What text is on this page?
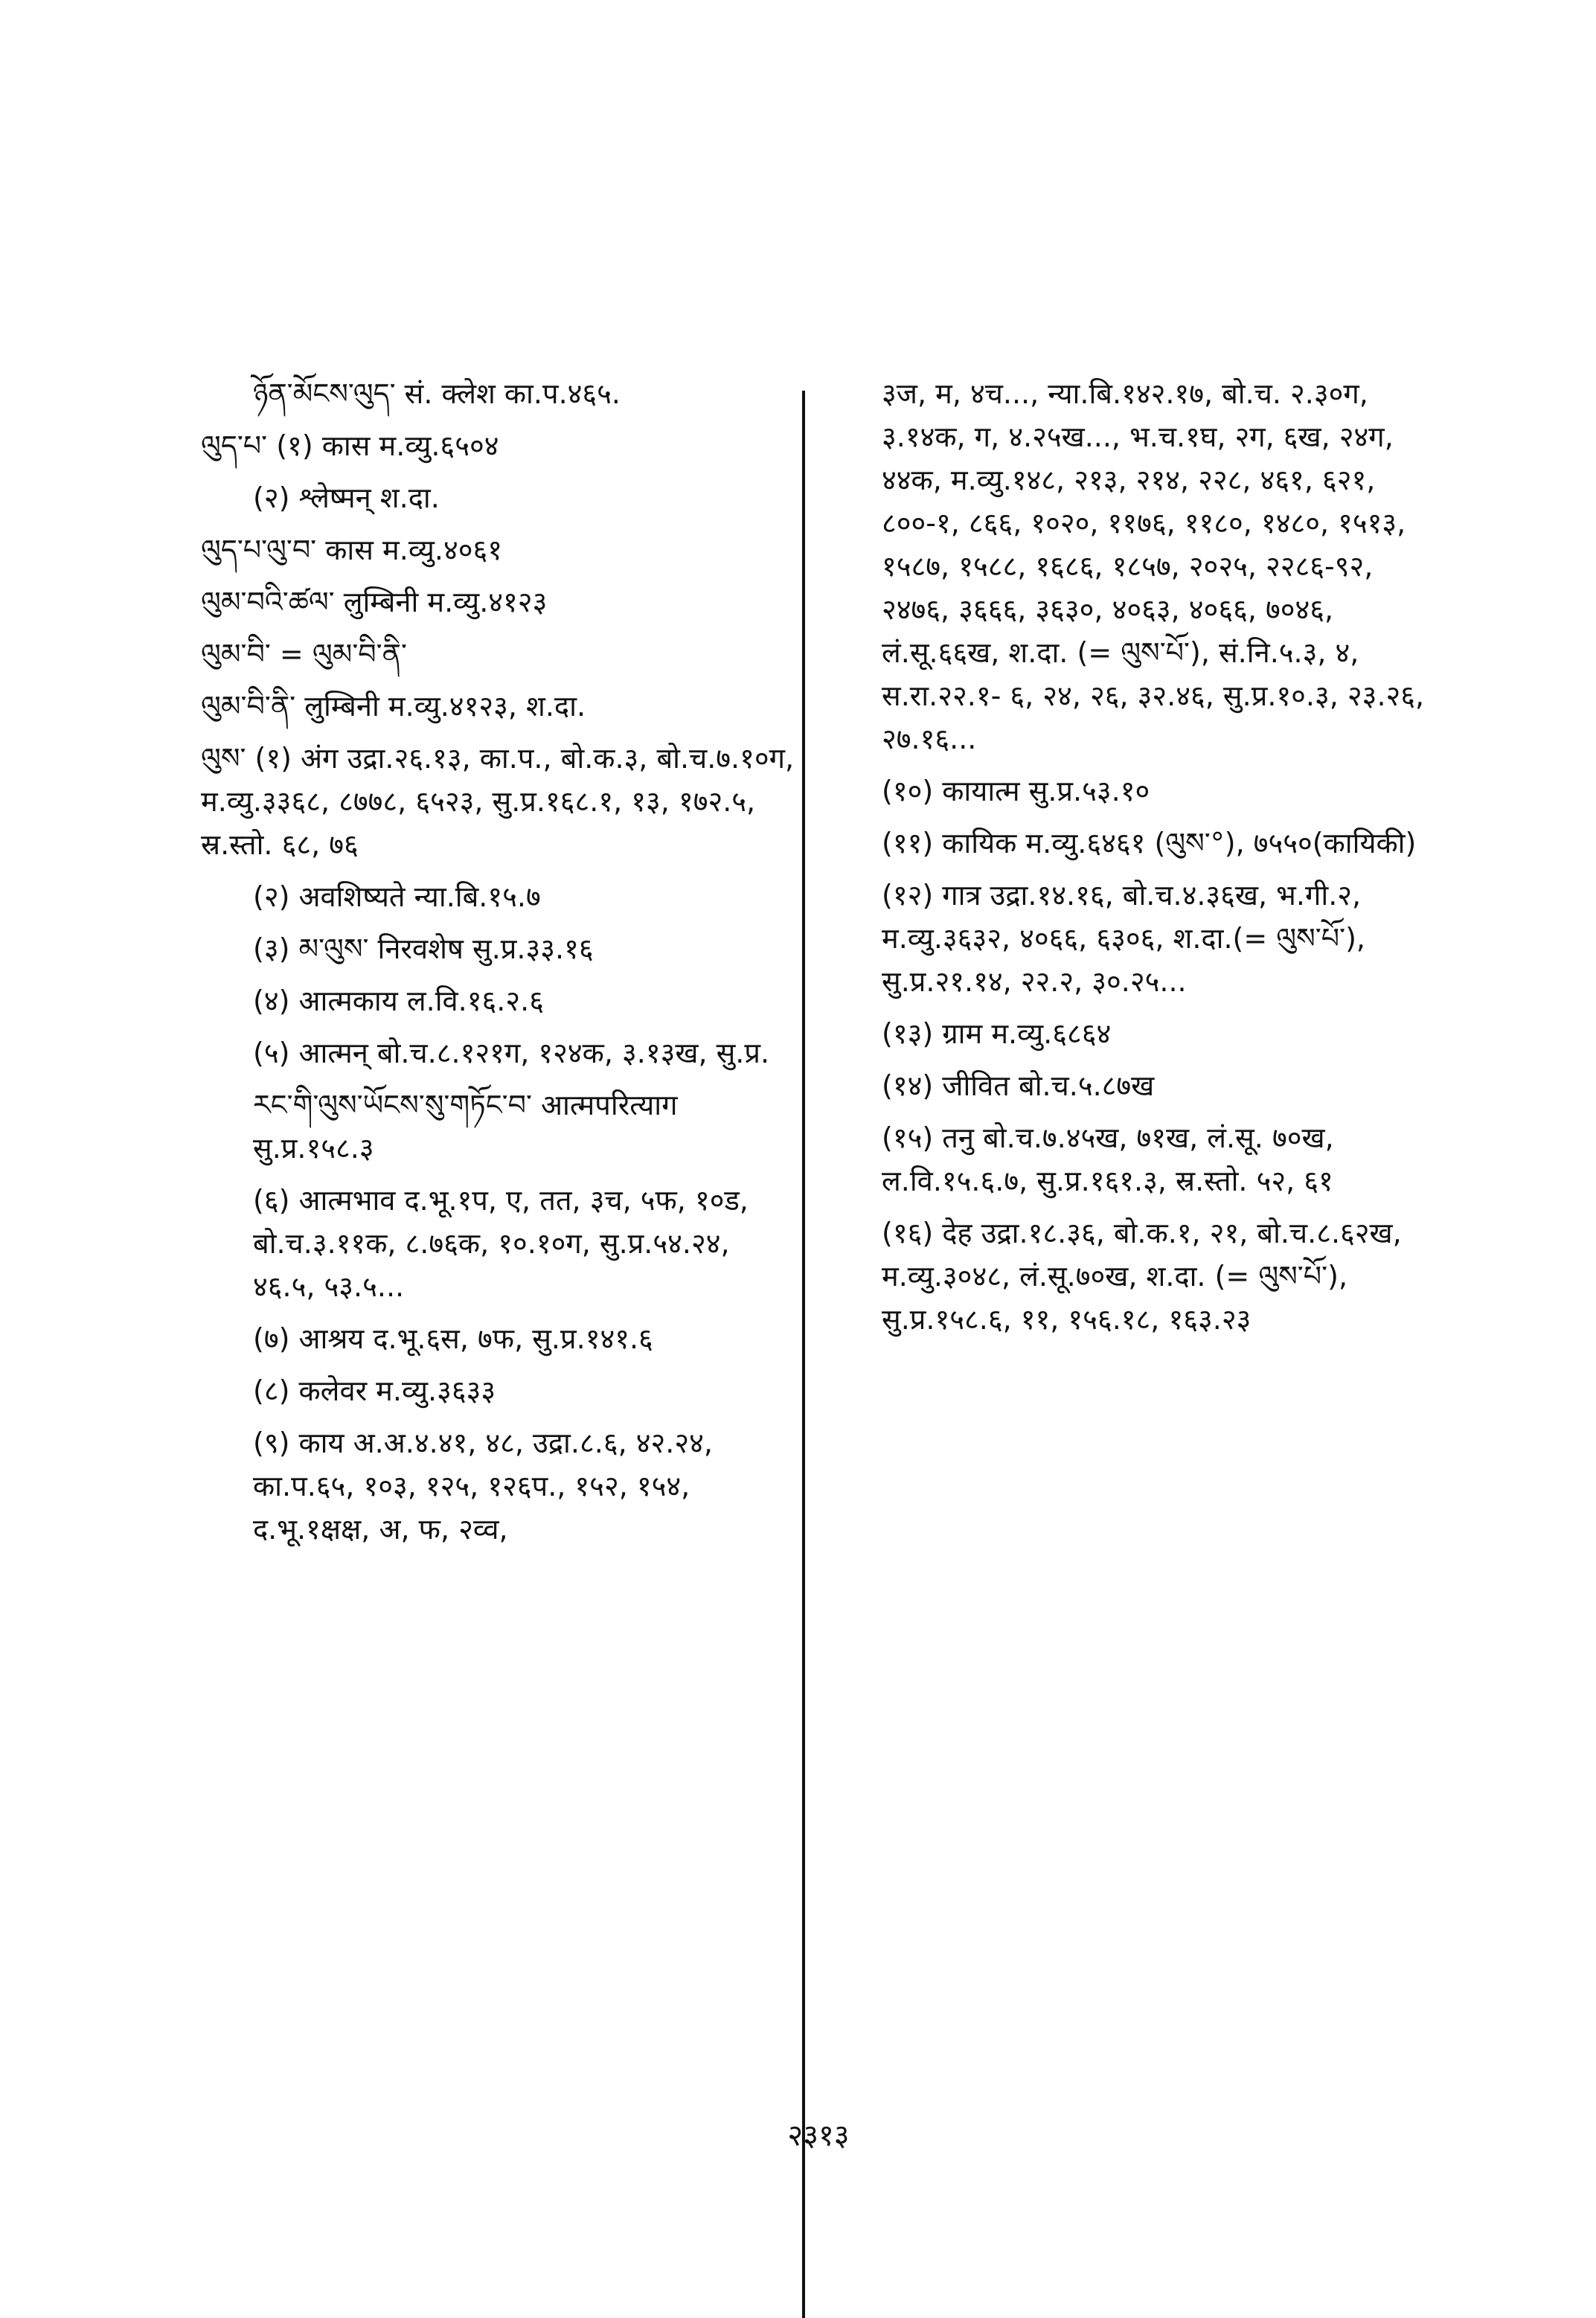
ཉོན་མོངས་ལུད་ सं. क्लेश का.प.४६५.
ལུད་པ་ (१) कास म.व्यु.६५०४
(२) श्लेष्मन् श.दा.
ལུད་པ་ལུ་བ་ कास म.व्यु.४०६१
ལུམ་བའི་ཚལ་ लुम्बिनी म.व्यु.४१२३
ལུམ་བི་ = ལུམ་བི་ནི་
ལུམ་བི་ནི་ लुम्बिनी म.व्यु.४१२३, श.दा.
ལུས་ (१) अंग उद्रा.२६.१३, का.प., बो.क.३, बो.च.७.१०ग, म.व्यु.३३६८, ८७७८, ६५२३, सु.प्र.१६८.१, १३, १७२.५, स्र.स्तो. ६८, ७६
(२) अवशिष्यते न्या.बि.१५.७
(३) མ་ལུས་ निरवशेष सु.प्र.३३.१६
(४) आत्मकाय ल.वि.१६.२.६
(५) आत्मन् बो.च.८.१२१ग, १२४क, ३.१३ख, सु.प्र.
རང་གི་ལུས་ཡོངས་སུ་གཏོང་བ་ आत्मपरित्याग सु.प्र.१५८.३
(६) आत्मभाव द.भू.१प, ए, तत, ३च, ५फ, १०ड, बो.च.३.११क, ८.७६क, १०.१०ग, सु.प्र.५४.२४, ४६.५, ५३.५...
(७) आश्रय द.भू.६स, ७फ, सु.प्र.१४१.६
(८) कलेवर म.व्यु.३६३३
(९) काय अ.अ.४.४१, ४८, उद्रा.८.६, ४२.२४, का.प.६५, १०३, १२५, १२६प., १५२, १५४, द.भू.१क्षक्ष, अ, फ, २व्व,
३ज, म, ४च..., न्या.बि.१४२.१७, बो.च. २.३०ग, ३.१४क, ग, ४.२५ख..., भ.च.१घ, २ग, ६ख, २४ग, ४४क, म.व्यु.१४८, २१३, २१४, २२८, ४६१, ६२१, ८००-१, ८६६, १०२०, ११७६, ११८०, १४८०, १५१३, १५८७, १५८८, १६८६, १८५७, २०२५, २२८६-९२, २४७६, ३६६६, ३६३०, ४०६३, ४०६६, ७०४६, लं.सू.६६ख, श.दा. (= ལུས་པོ་), सं.नि.५.३, ४, स.रा.२२.१- ६, २४, २६, ३२.४६, सु.प्र.१०.३, २३.२६, २७.१६...
(१०) कायात्म सु.प्र.५३.१०
(११) कायिक म.व्यु.६४६१ (ལུས་°), ७५५०(कायिकी)
(१२) गात्र उद्रा.१४.१६, बो.च.४.३६ख, भ.गी.२, म.व्यु.३६३२, ४०६६, ६३०६, श.दा.(= ལུས་པོ་), सु.प्र.२१.१४, २२.२, ३०.२५...
(१३) ग्राम म.व्यु.६८६४
(१४) जीवित बो.च.५.८७ख
(१५) तनु बो.च.७.४५ख, ७१ख, लं.सू. ७०ख, ल.वि.१५.६.७, सु.प्र.१६१.३, स्र.स्तो. ५२, ६१
(१६) देह उद्रा.१८.३६, बो.क.१, २१, बो.च.८.६२ख, म.व्यु.३०४८, लं.सू.७०ख, श.दा. (= ལུས་པོ་), सु.प्र.१५८.६, ११, १५६.१८, १६३.२३
२३१३
